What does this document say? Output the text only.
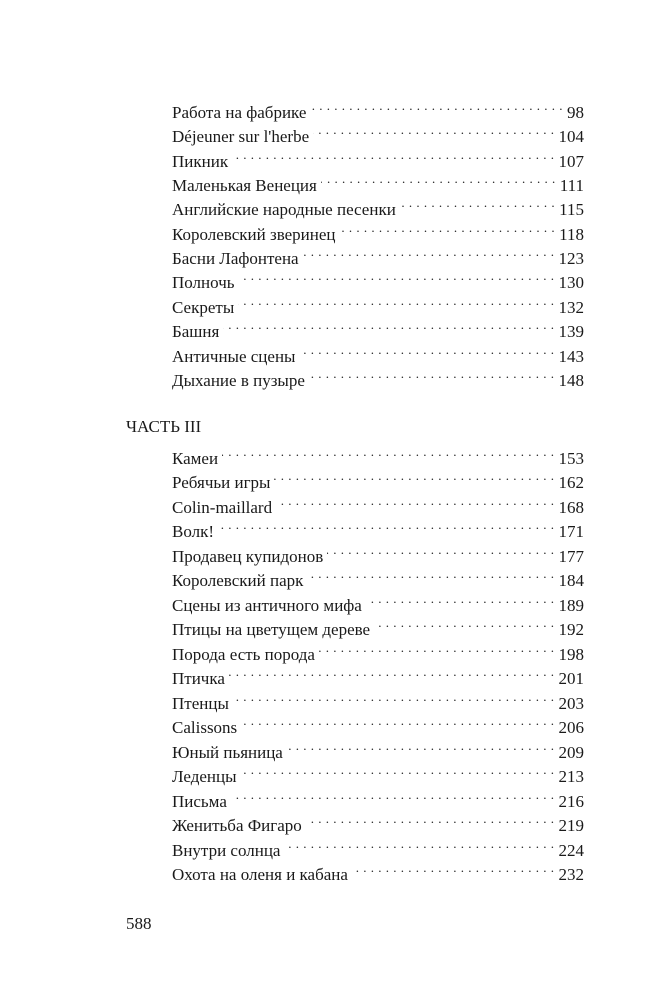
Работа на фабрике . . .	98
Déjeuner sur l'herbe . . .	104
Пикник . . .	107
Маленькая Венеция . . .	111
Английские народные песенки . . .	115
Королевский зверинец . . .	118
Басни Лафонтена . . .	123
Полночь . . .	130
Секреты . . .	132
Башня . . .	139
Античные сцены . . .	143
Дыхание в пузыре . . .	148
ЧАСТЬ III
Камеи . . .	153
Ребячьи игры . . .	162
Colin-maillard . . .	168
Волк! . . .	171
Продавец купидонов . . .	177
Королевский парк . . .	184
Сцены из античного мифа . . .	189
Птицы на цветущем дереве . . .	192
Порода есть порода . . .	198
Птичка . . .	201
Птенцы . . .	203
Calissons . . .	206
Юный пьяница . . .	209
Леденцы . . .	213
Письма . . .	216
Женитьба Фигаро . . .	219
Внутри солнца . . .	224
Охота на оленя и кабана . . .	232
588
